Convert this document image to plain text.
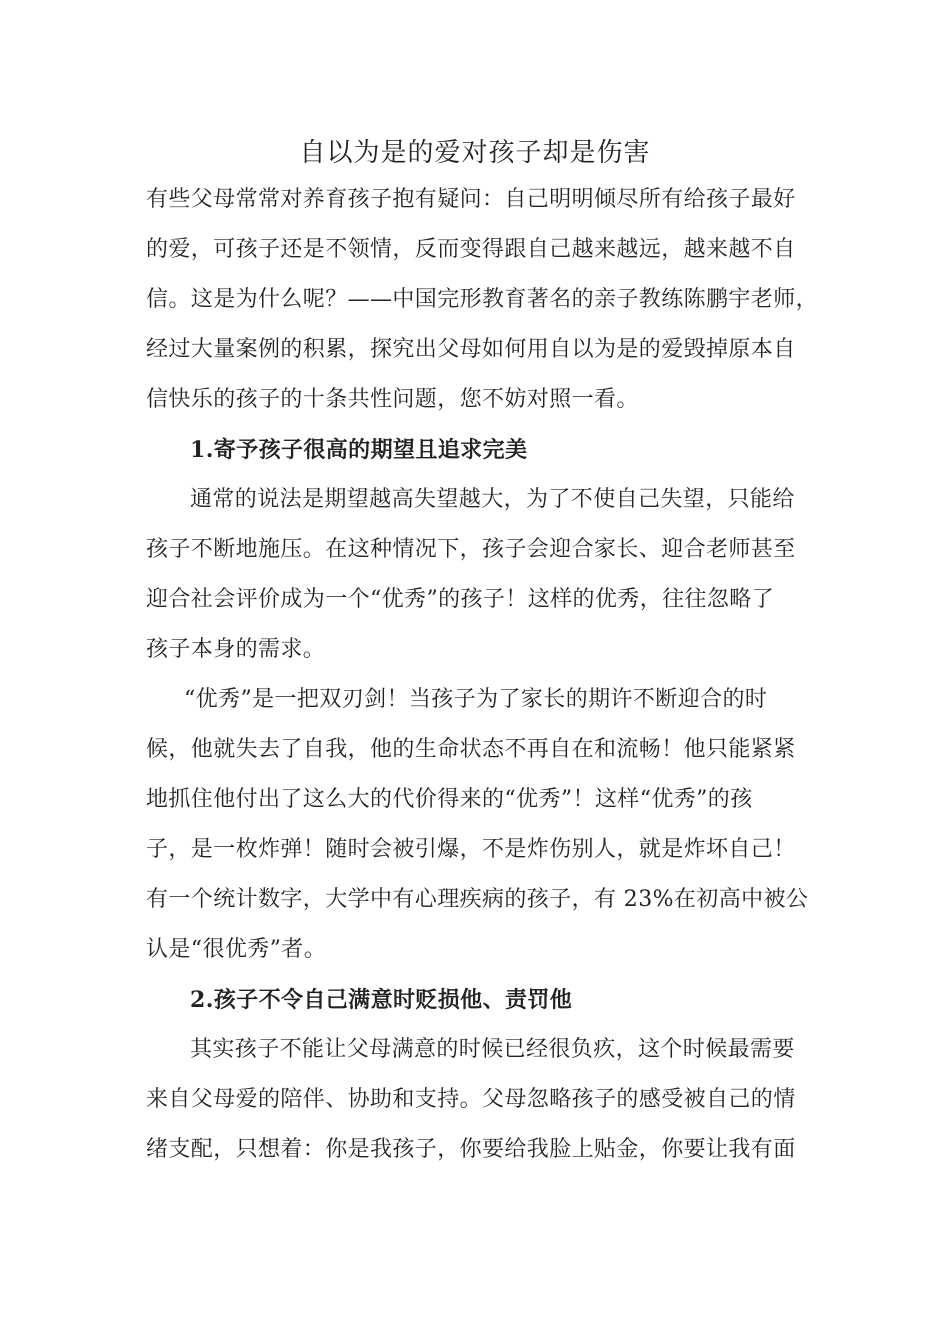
自以为是的爱对孩子却是伤害
有些父母常常对养育孩子抱有疑问：自己明明倾尽所有给孩子最好
的爱，可孩子还是不领情，反而变得跟自己越来越远，越来越不自
信。这是为什么呢？——中国完形教育著名的亲子教练陈鹏宇老师，
经过大量案例的积累，探究出父母如何用自以为是的爱毁掉原本自
信快乐的孩子的十条共性问题，您不妨对照一看。
1.寄予孩子很高的期望且追求完美
通常的说法是期望越高失望越大，为了不使自己失望，只能给
孩子不断地施压。在这种情况下，孩子会迎合家长、迎合老师甚至
迎合社会评价成为一个“优秀”的孩子！这样的优秀，往往忽略了
孩子本身的需求。
“优秀”是一把双刃剑！当孩子为了家长的期许不断迎合的时
候，他就失去了自我，他的生命状态不再自在和流畅！他只能紧紧
地抓住他付出了这么大的代价得来的“优秀”！这样“优秀”的孩
子，是一枚炸弹！随时会被引爆，不是炸伤别人，就是炸坏自己！
有一个统计数字，大学中有心理疾病的孩子，有 23%在初高中被公
认是“很优秀”者。
2.孩子不令自己满意时贬损他、责罚他
其实孩子不能让父母满意的时候已经很负疚，这个时候最需要
来自父母爱的陪伴、协助和支持。父母忽略孩子的感受被自己的情
绪支配，只想着：你是我孩子，你要给我脸上贴金，你要让我有面
